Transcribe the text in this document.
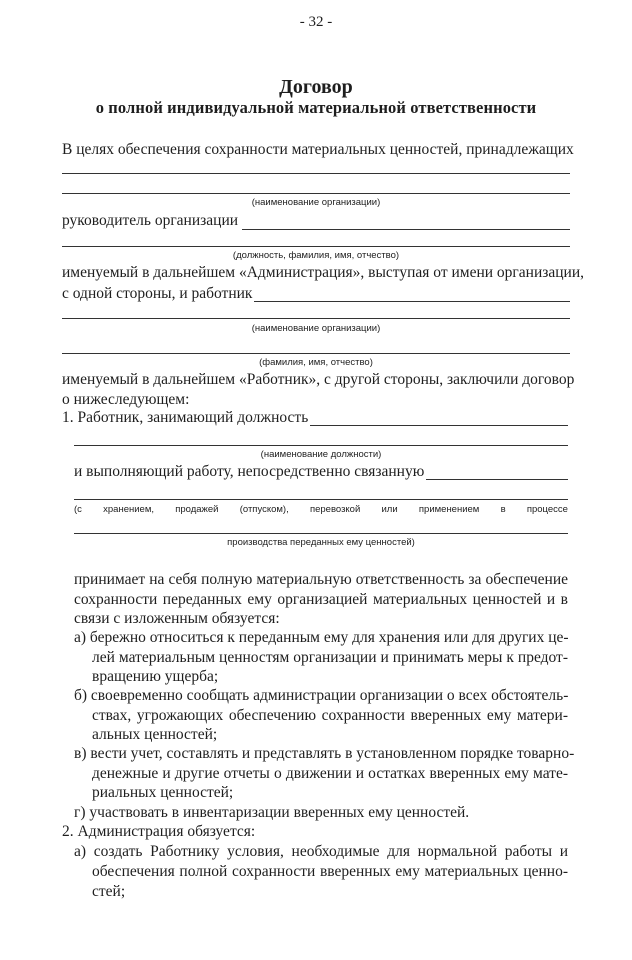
- 32 -
Договор
о полной индивидуальной материальной ответственности
В целях обеспечения сохранности материальных ценностей, принадлежащих
(наименование организации)
руководитель организации
(должность, фамилия, имя, отчество)
именуемый в дальнейшем «Администрация», выступая от имени организации,
с одной стороны, и работник
(наименование организации)
(фамилия, имя, отчество)
именуемый в дальнейшем «Работник», с другой стороны, заключили договор
о нижеследующем:
1. Работник, занимающий должность
(наименование должности)
и выполняющий работу, непосредственно связанную
(с хранением, продажей (отпуском), перевозкой или применением в процессе
производства переданных ему ценностей)
принимает на себя полную материальную ответственность за обеспечение
сохранности переданных ему организацией материальных ценностей и в
связи с изложенным обязуется:
а) бережно относиться к переданным ему для хранения или для других це-
лей материальным ценностям организации и принимать меры к предот-
вращению ущерба;
б) своевременно сообщать администрации организации о всех обстоятель-
ствах, угрожающих обеспечению сохранности вверенных ему матери-
альных ценностей;
в) вести учет, составлять и представлять в установленном порядке товарно-
денежные и другие отчеты о движении и остатках вверенных ему мате-
риальных ценностей;
г) участвовать в инвентаризации вверенных ему ценностей.
2. Администрация обязуется:
а) создать Работнику условия, необходимые для нормальной работы и
обеспечения полной сохранности вверенных ему материальных ценно-
стей;
